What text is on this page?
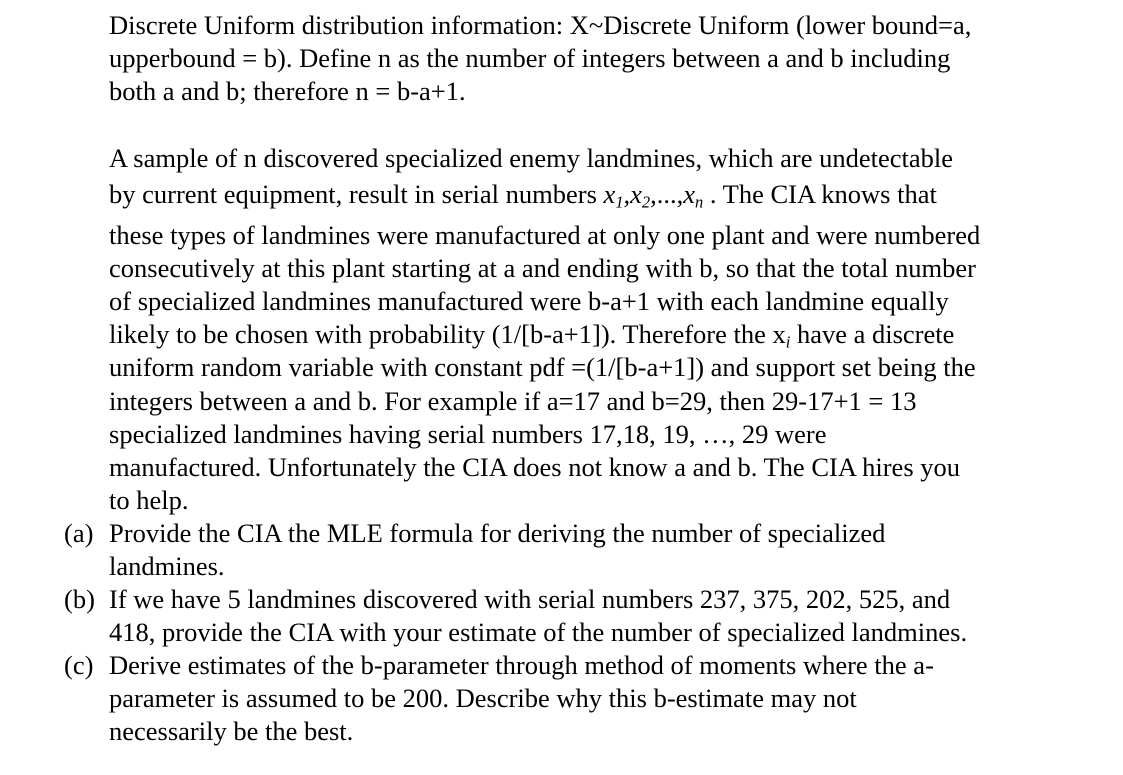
Discrete Uniform distribution information: X~Discrete Uniform (lower bound=a,
upperbound = b). Define n as the number of integers between a and b including
both a and b; therefore n = b-a+1.
A sample of n discovered specialized enemy landmines, which are undetectable
by current equipment, result in serial numbers $x_1,x_2,...,x_n$ . The CIA knows that
these types of landmines were manufactured at only one plant and were numbered
consecutively at this plant starting at a and ending with b, so that the total number
of specialized landmines manufactured were b-a+1 with each landmine equally
likely to be chosen with probability (1/[b-a+1]). Therefore the $x_i$ have a discrete
uniform random variable with constant pdf =(1/[b-a+1]) and support set being the
integers between a and b. For example if a=17 and b=29, then 29-17+1 = 13
specialized landmines having serial numbers 17,18, 19, …, 29 were
manufactured. Unfortunately the CIA does not know a and b. The CIA hires you
to help.
(a) Provide the CIA the MLE formula for deriving the number of specialized
landmines.
(b) If we have 5 landmines discovered with serial numbers 237, 375, 202, 525, and
418, provide the CIA with your estimate of the number of specialized landmines.
(c) Derive estimates of the b-parameter through method of moments where the a-
parameter is assumed to be 200. Describe why this b-estimate may not
necessarily be the best.
